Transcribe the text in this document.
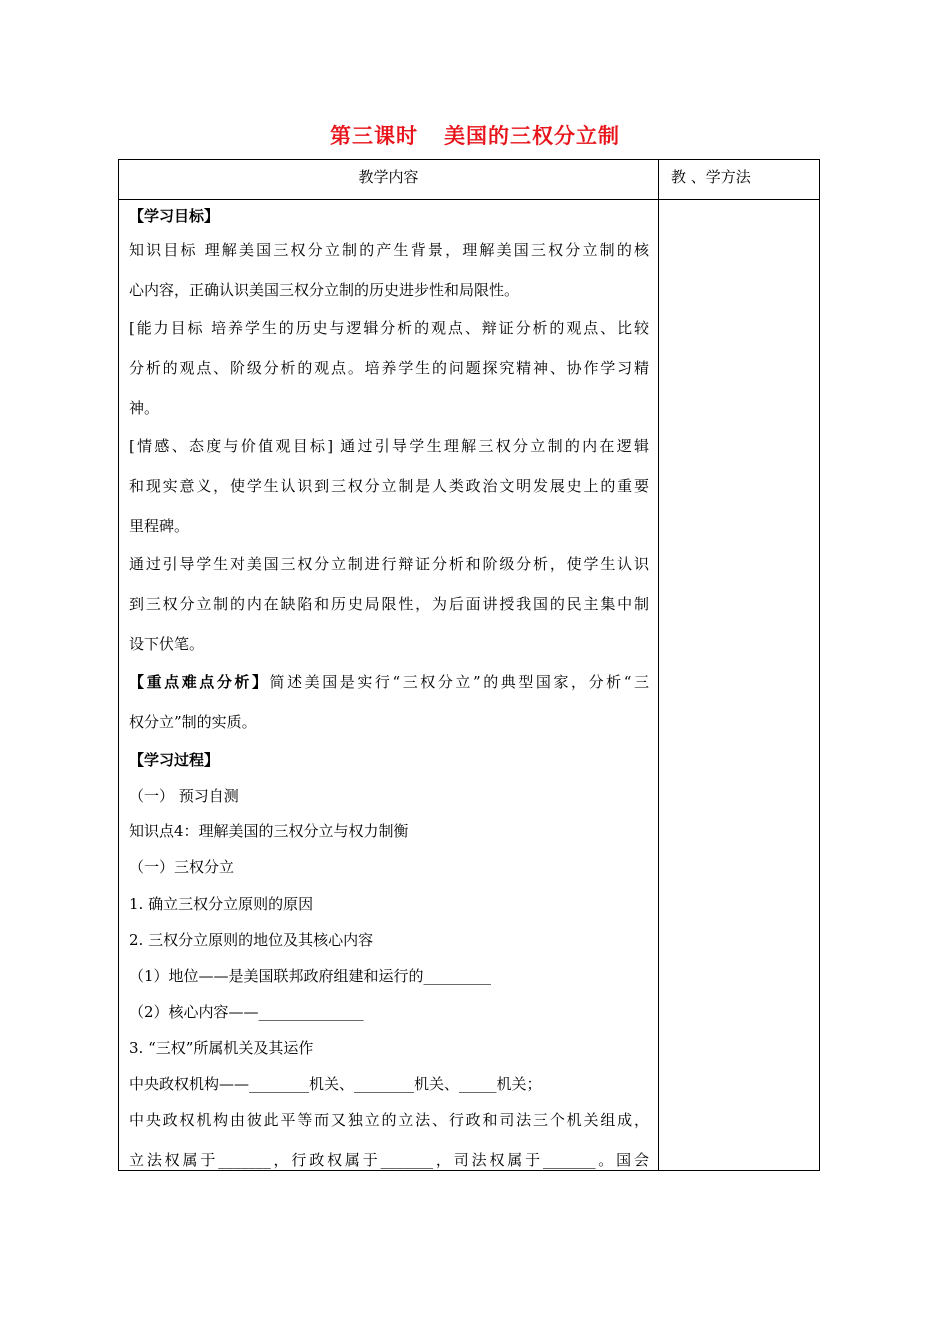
第三课时 美国的三权分立制
教学内容	教 、学方法
【学习目标】
知识目标 理解美国三权分立制的产生背景，理解美国三权分立制的核
心内容，正确认识美国三权分立制的历史进步性和局限性。
[能力目标 培养学生的历史与逻辑分析的观点、辩证分析的观点、比较
分析的观点、阶级分析的观点。培养学生的问题探究精神、协作学习精
神。
[情感、态度与价值观目标] 通过引导学生理解三权分立制的内在逻辑
和现实意义，使学生认识到三权分立制是人类政治文明发展史上的重要
里程碑。
通过引导学生对美国三权分立制进行辩证分析和阶级分析，使学生认识
到三权分立制的内在缺陷和历史局限性，为后面讲授我国的民主集中制
设下伏笔。
【重点难点分析】简述美国是实行“三权分立”的典型国家，分析“三
权分立”制的实质。
【学习过程】
（一） 预习自测
知识点4：理解美国的三权分立与权力制衡
（一）三权分立
1. 确立三权分立原则的原因
2. 三权分立原则的地位及其核心内容
（1）地位——是美国联邦政府组建和运行的_________
（2）核心内容——______________
3. “三权”所属机关及其运作
中央政权机构——________机关、________机关、_____机关；
中央政权机构由彼此平等而又独立的立法、行政和司法三个机关组成，
立法权属于_______，行政权属于_______，司法权属于_______。国会
